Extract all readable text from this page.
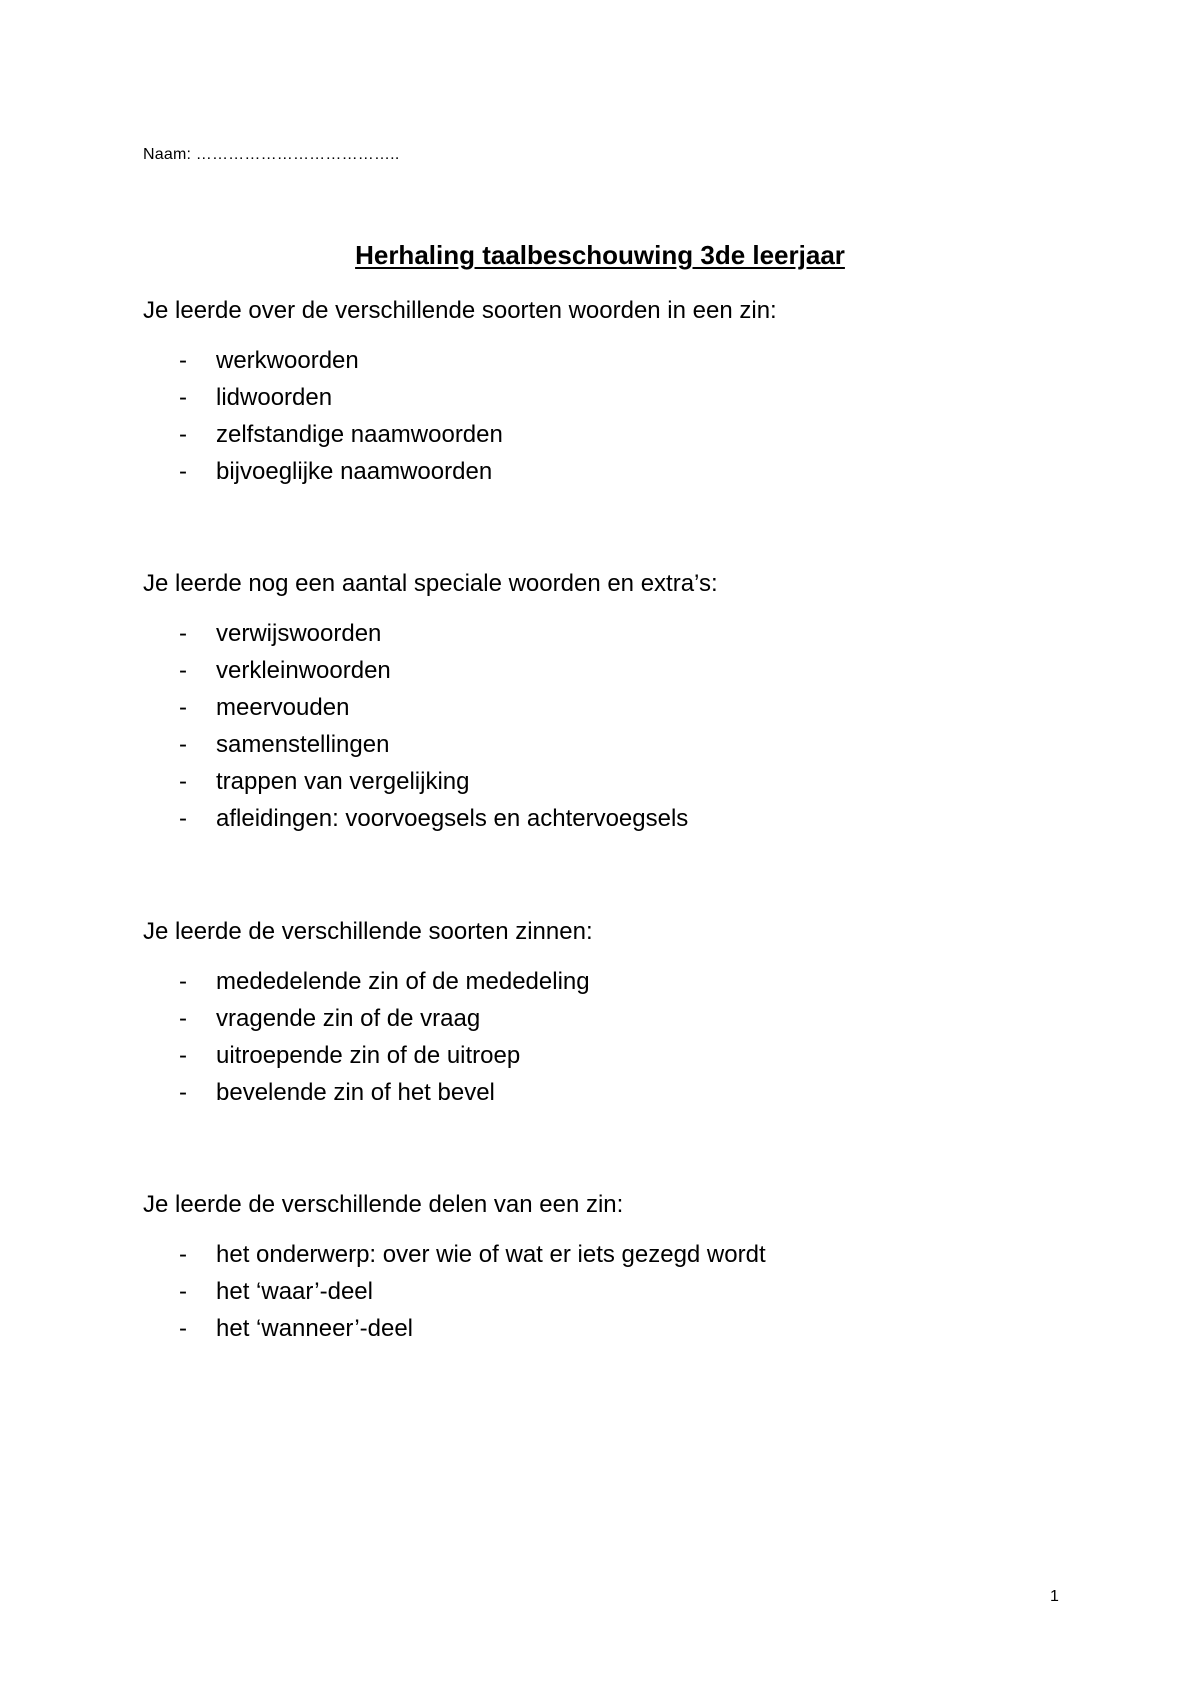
Naam: ………………………………..
Herhaling taalbeschouwing 3de leerjaar

Je leerde over de verschillende soorten woorden in een zin:

- werkwoorden
- lidwoorden
- zelfstandige naamwoorden
- bijvoeglijke naamwoorden

Je leerde nog een aantal speciale woorden en extra’s:

- verwijswoorden
- verkleinwoorden
- meervouden
- samenstellingen
- trappen van vergelijking
- afleidingen: voorvoegsels en achtervoegsels

Je leerde de verschillende soorten zinnen:

- mededelende zin of de mededeling
- vragende zin of de vraag
- uitroepende zin of de uitroep
- bevelende zin of het bevel

Je leerde de verschillende delen van een zin:

- het onderwerp: over wie of wat er iets gezegd wordt
- het ‘waar’-deel
- het ‘wanneer’-deel
1
